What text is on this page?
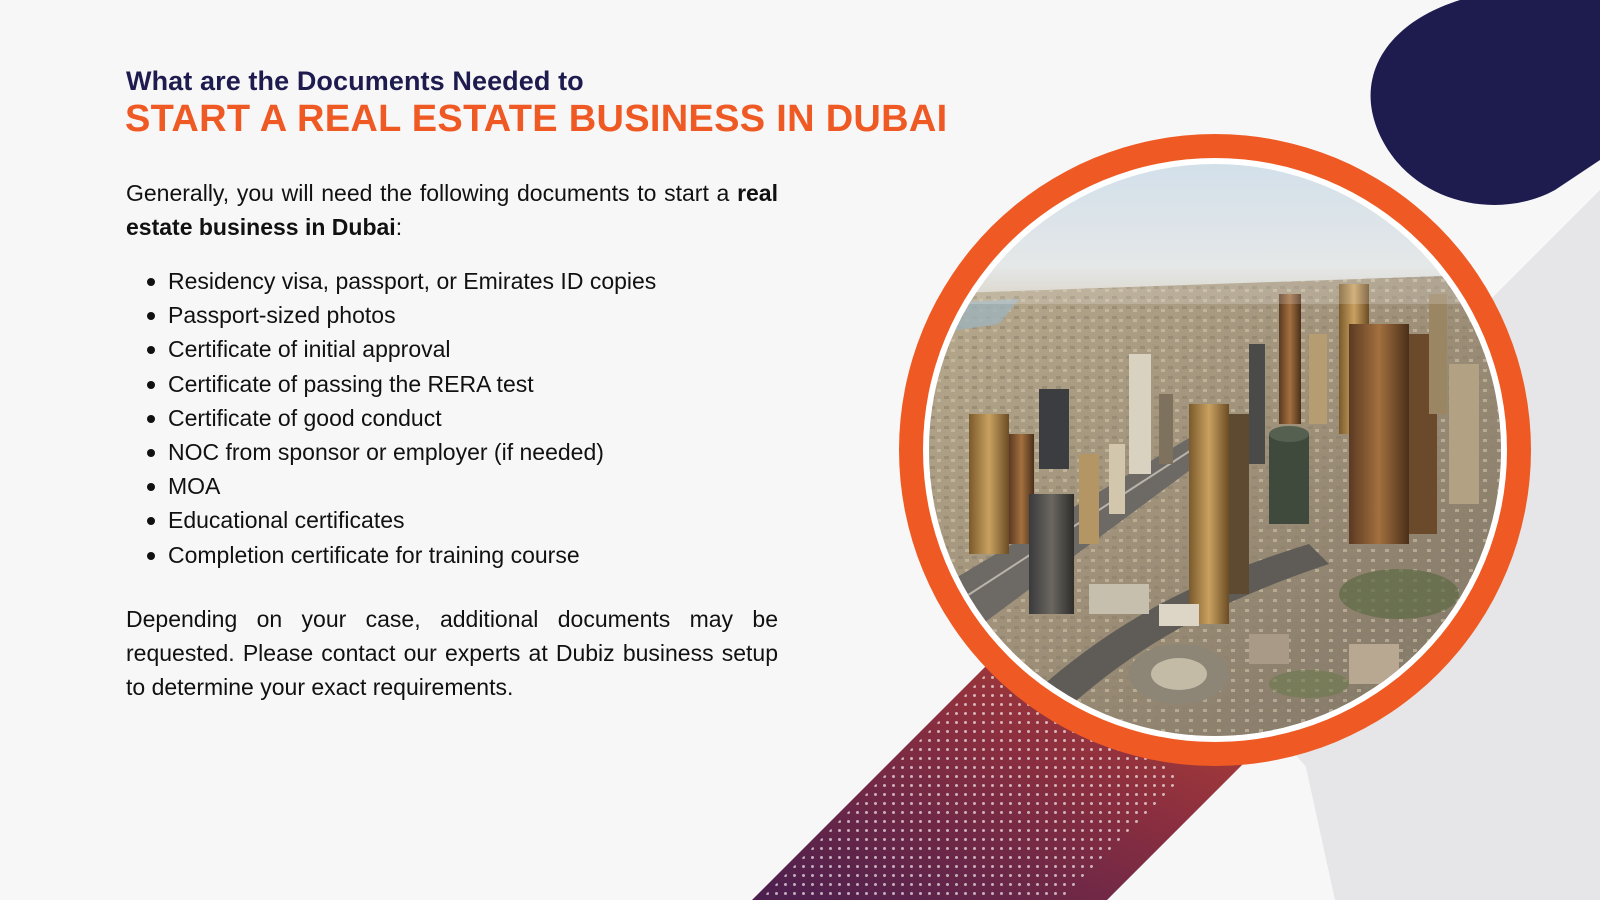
What are the Documents Needed to
START A REAL ESTATE BUSINESS IN DUBAI
Generally, you will need the following documents to start a real estate business in Dubai:
Residency visa, passport, or Emirates ID copies
Passport-sized photos
Certificate of initial approval
Certificate of passing the RERA test
Certificate of good conduct
NOC from sponsor or employer (if needed)
MOA
Educational certificates
Completion certificate for training course
Depending on your case, additional documents may be requested. Please contact our experts at Dubiz business setup to determine your exact requirements.
